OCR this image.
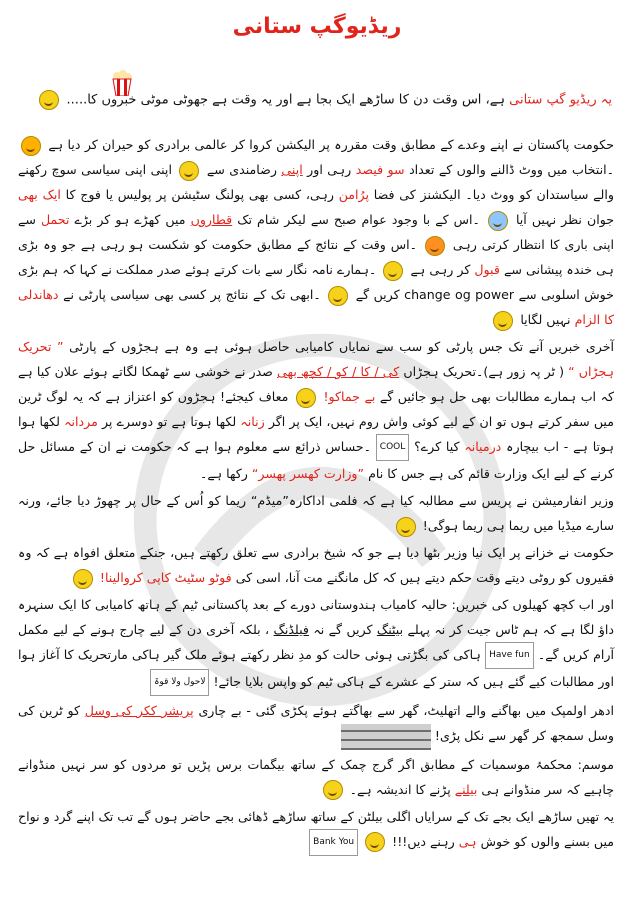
ریڈیوگپ ستانی
یہ ریڈیو گپ ستانی ہے، اس وقت دن کا ساڑھے ایک بجا ہے اور یہ وقت ہے جھوٹی موٹی خبروں کا.....

حکومت پاکستان نے اپنے وعدے کے مطابق وقت مقررہ پر الیکشن کروا کر عالمی برادری کو حیران کر دیا ہے  ۔انتخاب میں ووٹ ڈالنے والوں کے تعداد سو فیصد رہی اور اپنی رضامندی سے  اپنی اپنی سیاسی سوچ رکھنے والے سیاستدان کو ووٹ دیا۔ الیکشنز کی فضا پرُامن رہی، کسی بھی پولنگ سٹیشن پر پولیس یا فوج کا ایک بھی جوان نظر نہیں آیا  ۔اس کے با وجود عوام صبح سے لیکر شام تک قطاروں میں کھڑے ہو کر بڑے تحمل سے اپنی باری کا انتظار کرتی رہی  ۔اس وقت کے نتائج کے مطابق حکومت کو شکست ہو رہی ہے جو وہ بڑی ہی خندہ پیشانی سے قبول کر رہی ہے  ۔ہمارے نامہ نگار سے بات کرتے ہوئے صدر مملکت نے کہا کہ ہم بڑی خوش اسلوبی سے change og power کریں گے  ۔ابھی تک کے نتائج پر کسی بھی سیاسی پارٹی نے دھاندلی کا الزام نہیں لگایا

آخری خبریں آنے تک جس پارٹی کو سب سے نمایاں کامیابی حاصل ہوئی ہے وہ ہے ہجڑوں کے پارٹی ” تحریک ہجڑاں “ ( ٹر پہ زور ہے)۔تحریک ہجڑاں کی / کا / کو / کچھ بھی صدر نے خوشی سے ٹھمکا لگاتے ہوئے علان کیا ہے کہ اب ہمارے مطالبات بھی حل ہو جائیں گے بے جماکو!  معاف کیجئے! ہجڑوں کو اعتزاز ہے کہ یہ لوگ ٹرین میں سفر کرتے ہوں تو ان کے لیے کوئی واش روم نہیں، ایک پر اگر زنانہ لکھا ہوتا ہے تو دوسرے پر مردانہ لکھا ہوا ہوتا ہے - اب بیچارہ درمیانہ کیا کرے؟ COOL ۔حساس ذرائع سے معلوم ہوا ہے کہ حکومت نے ان کے مسائل حل کرنے کے لیے ایک وزارت قائم کی ہے جس کا نام ”وزارت کھسر پھسر“ رکھا ہے۔

وزیر انفارمیشن نے پریس سے مطالبہ کیا ہے کہ فلمی اداکارہ”میڈم“ ریما کو اُس کے حال پر چھوڑ دیا جائے، ورنہ سارے میڈیا میں ریما ہی ریما ہوگی!

حکومت نے خزانے پر ایک نیا وزیر بٹھا دیا ہے جو کہ شیخ برادری سے تعلق رکھتے ہیں، جنکے متعلق افواہ ہے کہ وہ فقیروں کو روٹی دیتے وقت حکم دیتے ہیں کہ کل مانگنے مت آنا، اسی کی فوٹو سٹیٹ کاپی کروالینا!

اور اب کچھ کھیلوں کی خبریں: حالیہ کامیاب ہندوستانی دورے کے بعد پاکستانی ٹیم کے ہاتھ کامیابی کا ایک سنہرہ داؤ لگا ہے کہ ہم ٹاس جیت کر نہ پہلے بیٹنگ کریں گے نہ فیلڈنگ ، بلکہ آخری دن کے لیے چارج ہونے کے لیے مکمل آرام کریں گے۔ Have fun ہاکی کی بگڑتی ہوئی حالت کو مدِ نظر رکھتے ہوئے ملک گیر ہاکی مارتحریک کا آغاز ہوا اور مطالبات کیے گئے ہیں کہ ستر کے عشرے کے ہاکی ٹیم کو واپس بلایا جائے! لاحول ولا قوۃ

ادھر اولمپک میں بھاگنے والے اتھلیٹ، گھر سے بھاگتے ہوئے پکڑی گئی - بے چاری پریشر ککر کی وسل کو ٹرین کی وسل سمجھ کر گھر سے نکل پڑی!

موسم: محکمۂ موسمیات کے مطابق اگر گرج چمک کے ساتھ بیگمات برس پڑیں تو مردوں کو سر نہیں منڈوانے چاہیے کہ سر منڈوانے ہی بیلنے پڑنے کا اندیشہ ہے۔

یہ تھیں ساڑھے ایک بجے تک کے سرایاں اگلی بیلٹن کے ساتھ ساڑھے ڈھائی بجے حاضر ہوں گے تب تک اپنے گرد و نواح میں بسنے والوں کو خوش ہی رہنے دیں!!!  Bank You
